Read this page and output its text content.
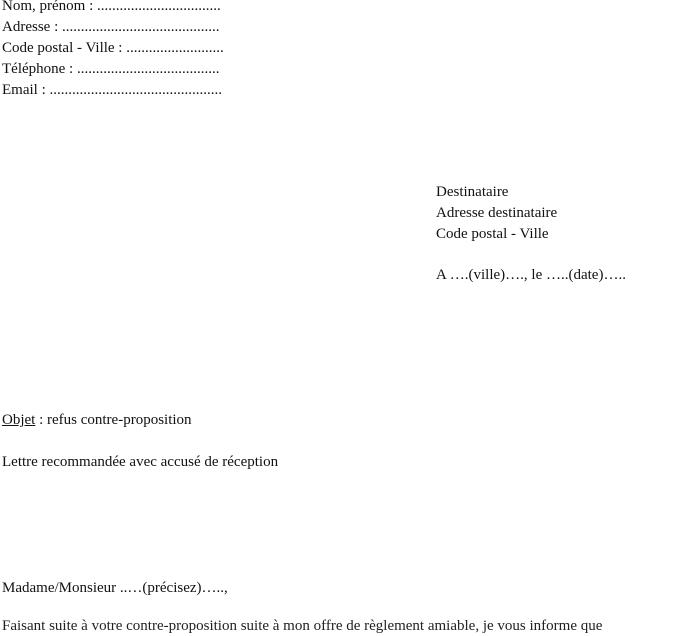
Nom, prénom : .................................
Adresse : ..........................................
Code postal - Ville : ..........................
Téléphone : ......................................
Email : ..............................................
Destinataire
Adresse destinataire
Code postal - Ville
A ….(ville)…., le …..(date)…..
Objet : refus contre-proposition
Lettre recommandée avec accusé de réception
Madame/Monsieur ..…(précisez)…..,
Faisant suite à votre contre-proposition suite à mon offre de règlement amiable, je vous informe que
